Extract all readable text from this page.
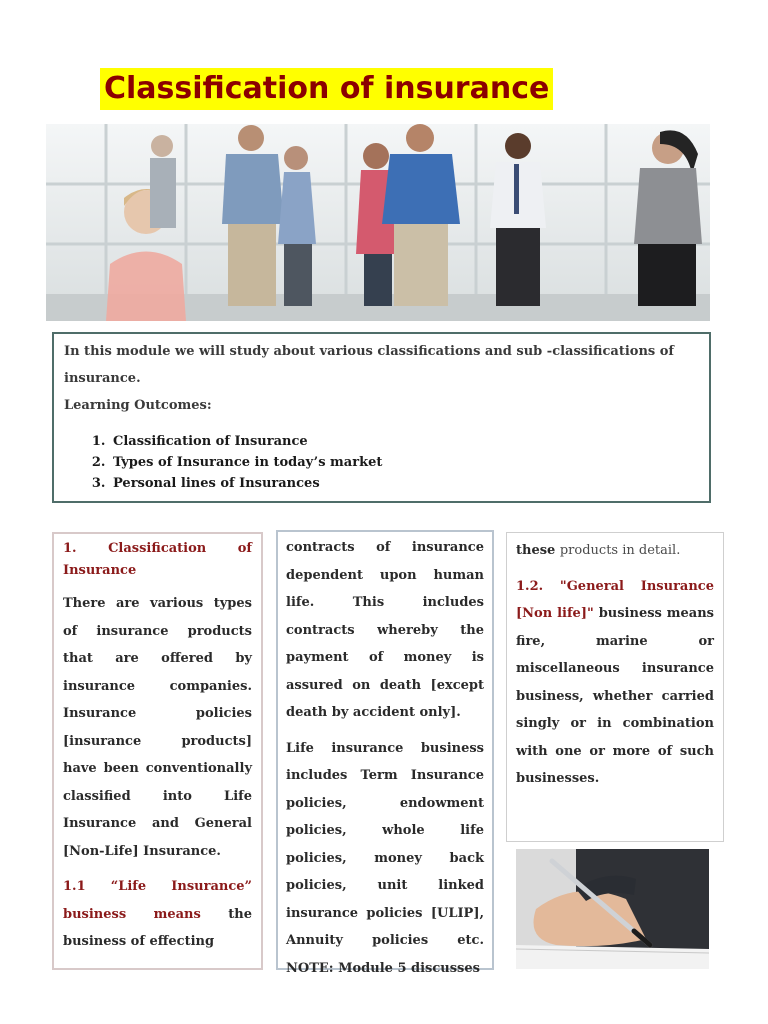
Classification of insurance

In this module we will study about various classifications and sub -classifications of insurance.

Learning Outcomes:

1. Classification of Insurance
2. Types of Insurance in today’s market
3. Personal lines of Insurances

1. Classification of Insurance

There are various types of insurance products that are offered by insurance companies. Insurance policies [insurance products] have been conventionally classified into Life Insurance and General [Non-Life] Insurance.

1.1 “Life Insurance” business means the business of effecting

contracts of insurance dependent upon human life. This includes contracts whereby the payment of money is assured on death [except death by accident only].

Life insurance business includes Term Insurance policies, endowment policies, whole life policies, money back policies, unit linked insurance policies [ULIP], Annuity policies etc. NOTE: Module 5 discusses

these products in detail.

1.2. "General Insurance [Non life]" business means fire, marine or miscellaneous insurance business, whether carried singly or in combination with one or more of such businesses.
